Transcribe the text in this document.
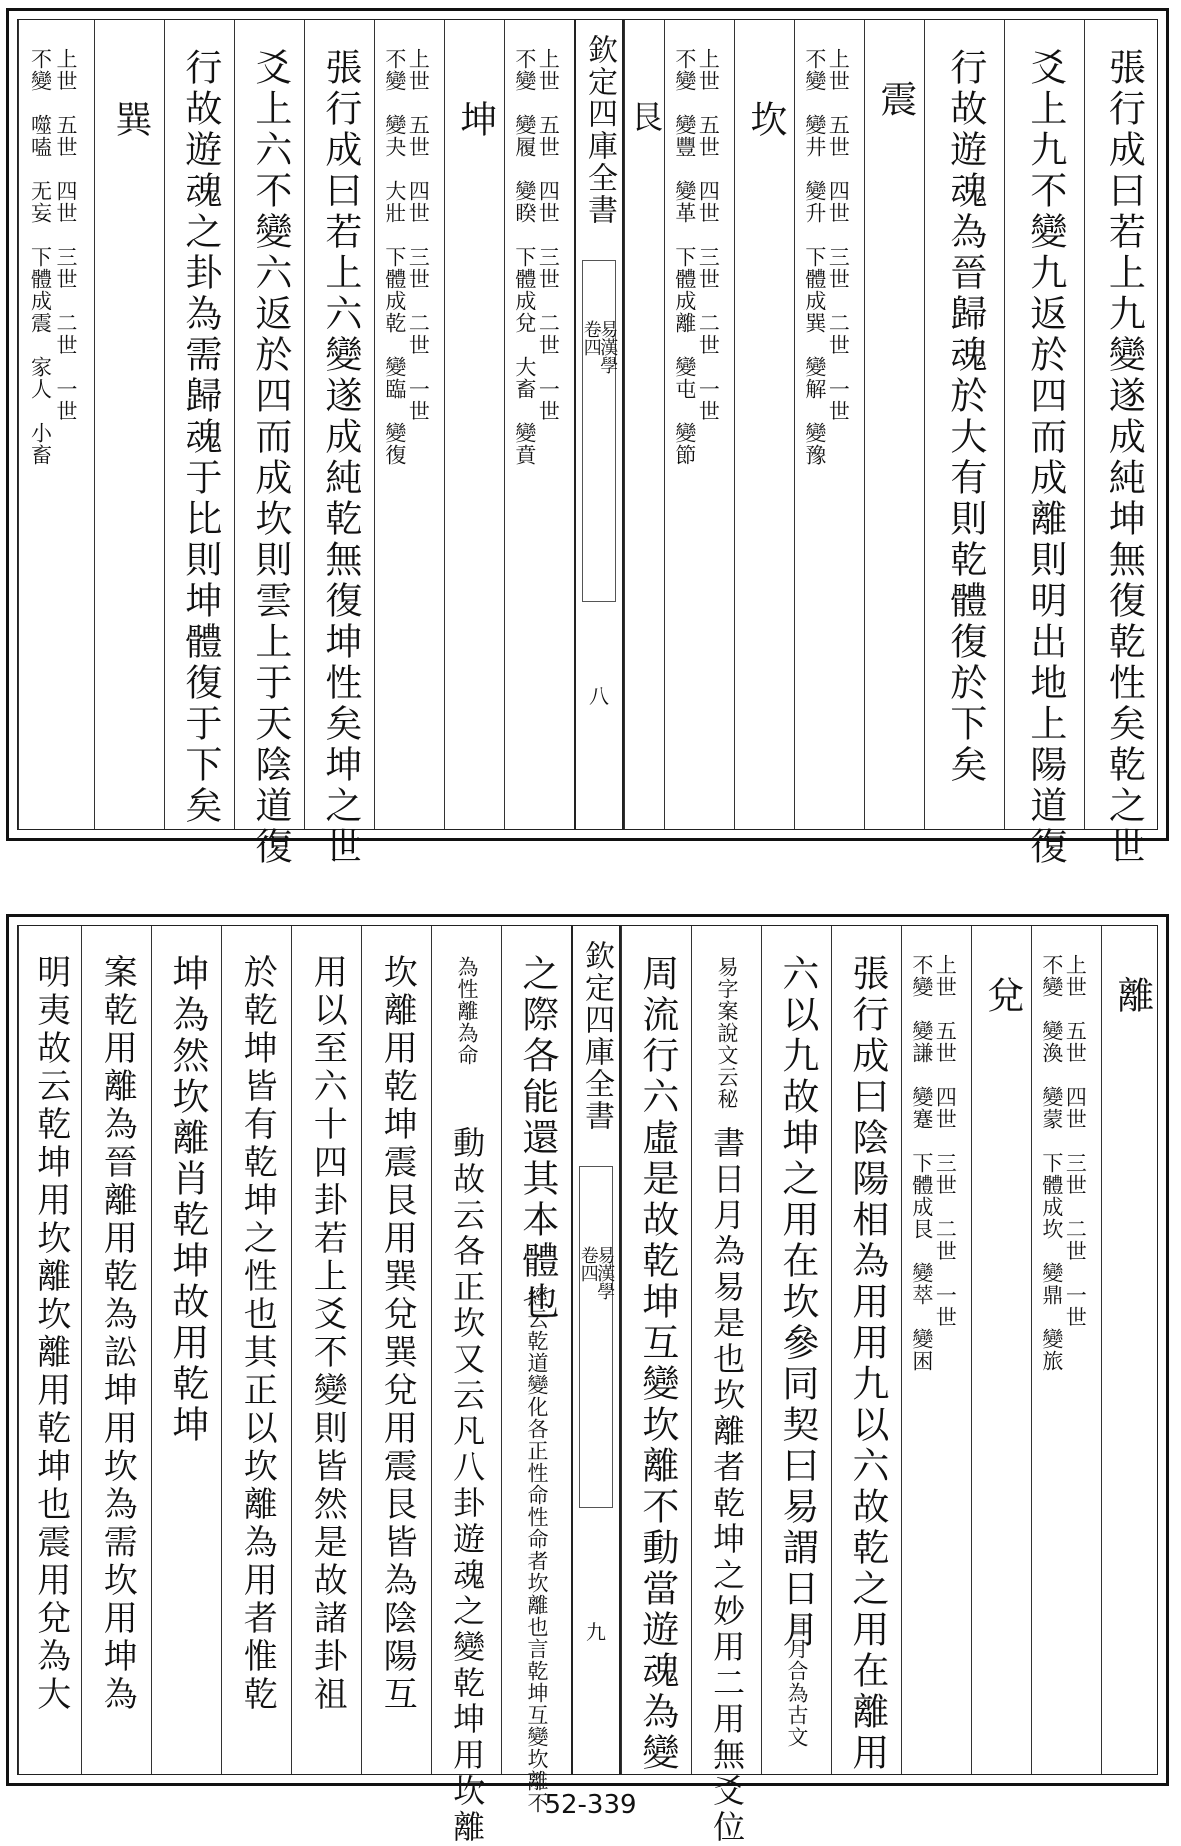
張行成曰若上九變遂成純坤無復乾性矣乾之世
爻上九不變九返於四而成離則明出地上陽道復
行故遊魂為晉歸魂於大有則乾體復於下矣
震
上世　五世　四世　三世　二世　一世
不變　變井　變升　下體成巽　變解　變豫
坎
上世　五世　四世　三世　二世　一世
不變　變豐　變革　下體成離　變屯　變節
艮
欽定四庫全書
易漢學
卷四
八
上世　五世　四世　三世　二世　一世
不變　變履　變睽　下體成兌　大畜　變賁
坤
上世　五世　四世　三世　二世　一世
不變　變夬　大壯　下體成乾　變臨　變復
張行成曰若上六變遂成純乾無復坤性矣坤之世
爻上六不變六返於四而成坎則雲上于天陰道復
行故遊魂之卦為需歸魂于比則坤體復于下矣
巽
上世　五世　四世　三世　二世　一世
不變　噬嗑　无妄　下體成震　家人　小畜
離
上世　五世　四世　三世　二世　一世
不變　變渙　變蒙　下體成坎　變鼎　變旅
兌
上世　五世　四世　三世　二世　一世
不變　變謙　變蹇　下體成艮　變萃　變困
張行成曰陰陽相為用用九以六故乾之用在離用
六以九故坤之用在坎參同契曰易謂日月
日月合為古文
易字案說文云秘
書日月為易是也坎離者乾坤之妙用二用無爻位
周流行六虛是故乾坤互變坎離不動當遊魂為變
欽定四庫全書
易漢學
卷四
九
之際各能還其本體也
經云乾道變化各正性命性命者坎離也言乾坤互變坎離不
為性離為命
動故云各正坎又云凡八卦遊魂之變乾坤用坎離
坎離用乾坤震艮用巽兌巽兌用震艮皆為陰陽互
用以至六十四卦若上爻不變則皆然是故諸卦祖
於乾坤皆有乾坤之性也其正以坎離為用者惟乾
坤為然坎離肖乾坤故用乾坤
案乾用離為晉離用乾為訟坤用坎為需坎用坤為
明夷故云乾坤用坎離坎離用乾坤也震用兌為大
52-339
